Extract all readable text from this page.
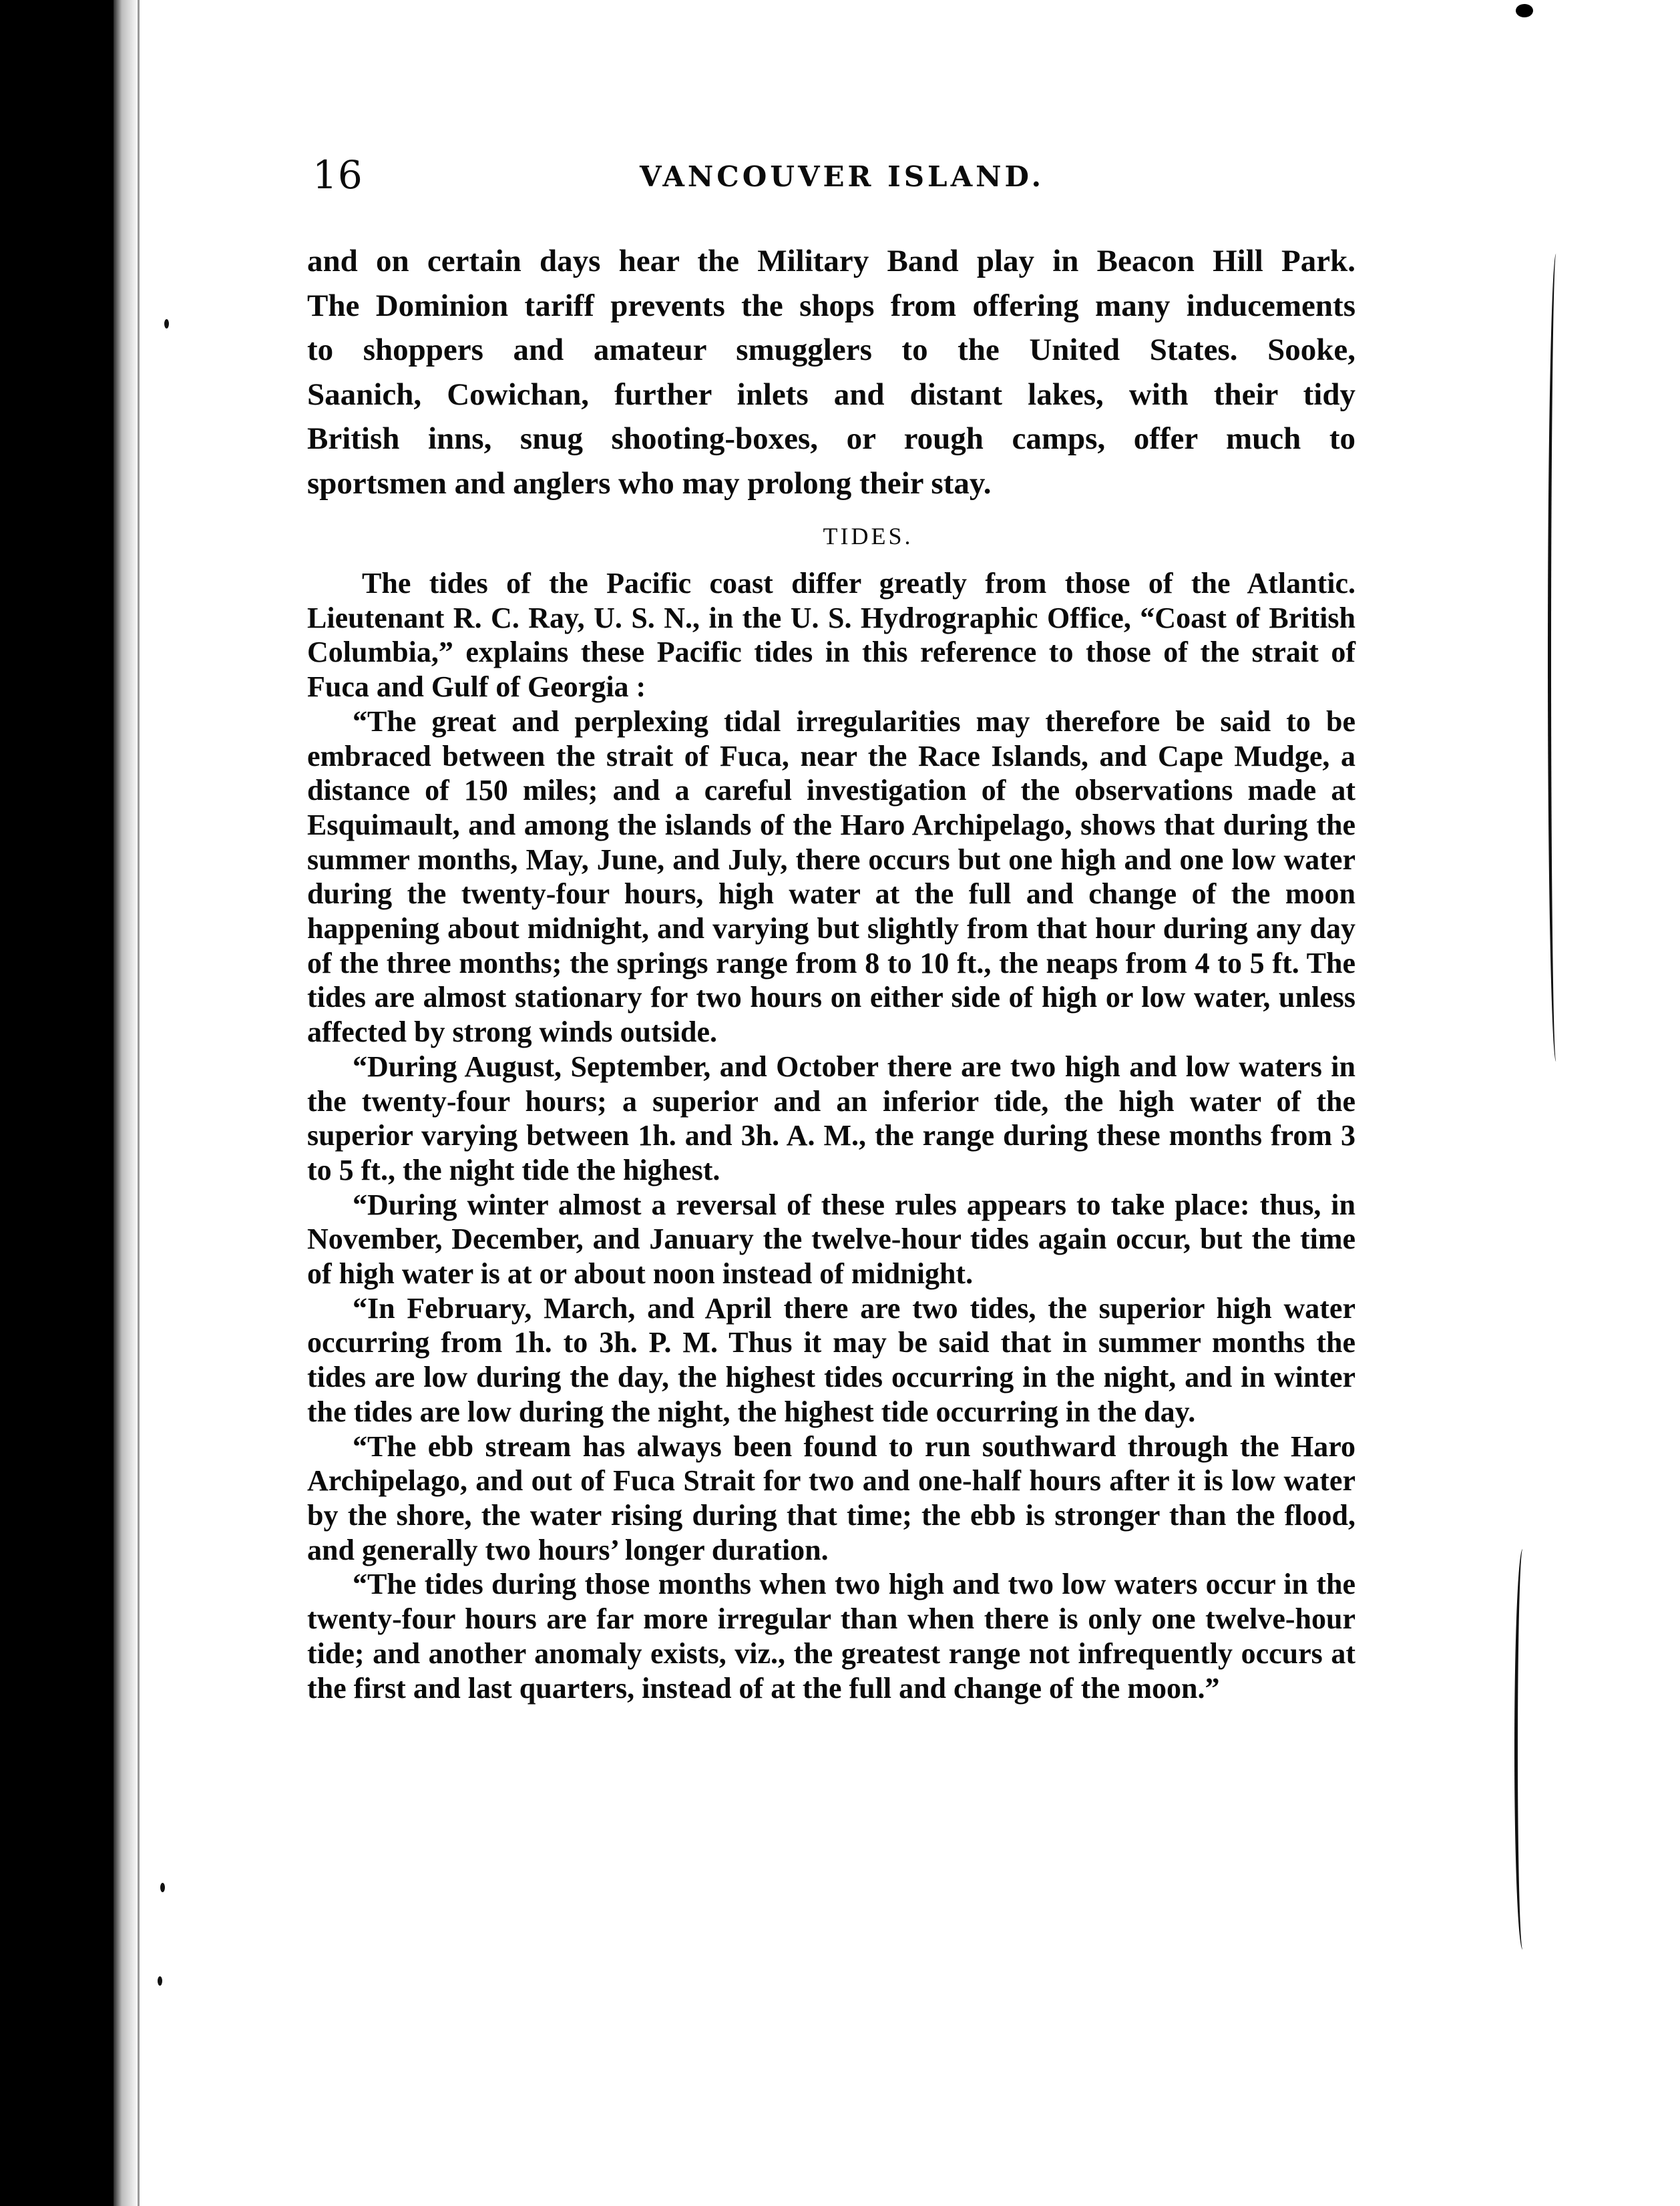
16	VANCOUVER ISLAND.

and on certain days hear the Military Band play in Beacon Hill Park.

The Dominion tariff prevents the shops from offering many inducements

to shoppers and amateur smugglers to the United States. Sooke,

Saanich, Cowichan, further inlets and distant lakes, with their tidy

British inns, snug shooting-boxes, or rough camps, offer much to

sportsmen and anglers who may prolong their stay.

TIDES.

The tides of the Pacific coast differ greatly from those of the Atlantic. Lieutenant R. C. Ray, U. S. N., in the U. S. Hydrographic Office, “Coast of British Columbia,” explains these Pacific tides in this reference to those of the strait of Fuca and Gulf of Georgia :

“The great and perplexing tidal irregularities may therefore be said to be embraced between the strait of Fuca, near the Race Islands, and Cape Mudge, a distance of 150 miles; and a careful investigation of the observations made at Esquimault, and among the islands of the Haro Archipelago, shows that during the summer months, May, June, and July, there occurs but one high and one low water during the twenty-four hours, high water at the full and change of the moon happening about midnight, and varying but slightly from that hour during any day of the three months; the springs range from 8 to 10 ft., the neaps from 4 to 5 ft. The tides are almost stationary for two hours on either side of high or low water, unless affected by strong winds outside.

“During August, September, and October there are two high and low waters in the twenty-four hours; a superior and an inferior tide, the high water of the superior varying between 1h. and 3h. A. M., the range during these months from 3 to 5 ft., the night tide the highest.

“During winter almost a reversal of these rules appears to take place: thus, in November, December, and January the twelve-hour tides again occur, but the time of high water is at or about noon instead of midnight.

“In February, March, and April there are two tides, the superior high water occurring from 1h. to 3h. P. M. Thus it may be said that in summer months the tides are low during the day, the highest tides occurring in the night, and in winter the tides are low during the night, the highest tide occurring in the day.

“The ebb stream has always been found to run southward through the Haro Archipelago, and out of Fuca Strait for two and one-half hours after it is low water by the shore, the water rising during that time; the ebb is stronger than the flood, and generally two hours’ longer duration.

“The tides during those months when two high and two low waters occur in the twenty-four hours are far more irregular than when there is only one twelve-hour tide; and another anomaly exists, viz., the greatest range not infrequently occurs at the first and last quarters, instead of at the full and change of the moon.”
